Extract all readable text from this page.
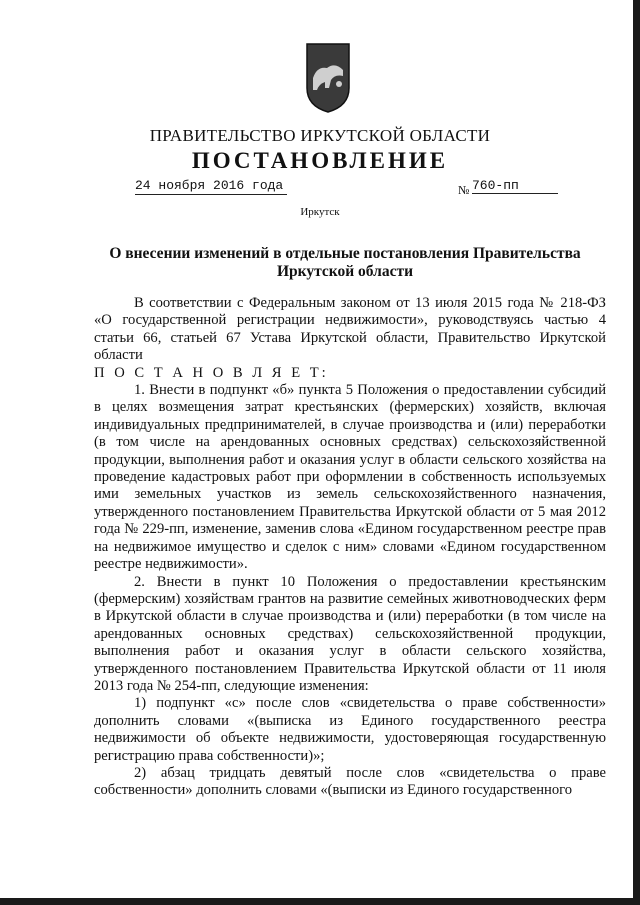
ПРАВИТЕЛЬСТВО ИРКУТСКОЙ ОБЛАСТИ
ПОСТАНОВЛЕНИЕ
24 ноября 2016 года	№ 760-пп
Иркутск
О внесении изменений в отдельные постановления Правительства Иркутской области

В соответствии с Федеральным законом от 13 июля 2015 года № 218-ФЗ «О государственной регистрации недвижимости», руководствуясь частью 4 статьи 66, статьей 67 Устава Иркутской области, Правительство Иркутской области

П О С Т А Н О В Л Я Е Т:

1. Внести в подпункт «б» пункта 5 Положения о предоставлении субсидий в целях возмещения затрат крестьянских (фермерских) хозяйств, включая индивидуальных предпринимателей, в случае производства и (или) переработки (в том числе на арендованных основных средствах) сельскохозяйственной продукции, выполнения работ и оказания услуг в области сельского хозяйства на проведение кадастровых работ при оформлении в собственность используемых ими земельных участков из земель сельскохозяйственного назначения, утвержденного постановлением Правительства Иркутской области от 5 мая 2012 года № 229-пп, изменение, заменив слова «Едином государственном реестре прав на недвижимое имущество и сделок с ним» словами «Едином государственном реестре недвижимости».

2. Внести в пункт 10 Положения о предоставлении крестьянским (фермерским) хозяйствам грантов на развитие семейных животноводческих ферм в Иркутской области в случае производства и (или) переработки (в том числе на арендованных основных средствах) сельскохозяйственной продукции, выполнения работ и оказания услуг в области сельского хозяйства, утвержденного постановлением Правительства Иркутской области от 11 июля 2013 года № 254-пп, следующие изменения:

1) подпункт «с» после слов «свидетельства о праве собственности» дополнить словами «(выписка из Единого государственного реестра недвижимости об объекте недвижимости, удостоверяющая государственную регистрацию права собственности)»;

2) абзац тридцать девятый после слов «свидетельства о праве собственности» дополнить словами «(выписки из Единого государственного
